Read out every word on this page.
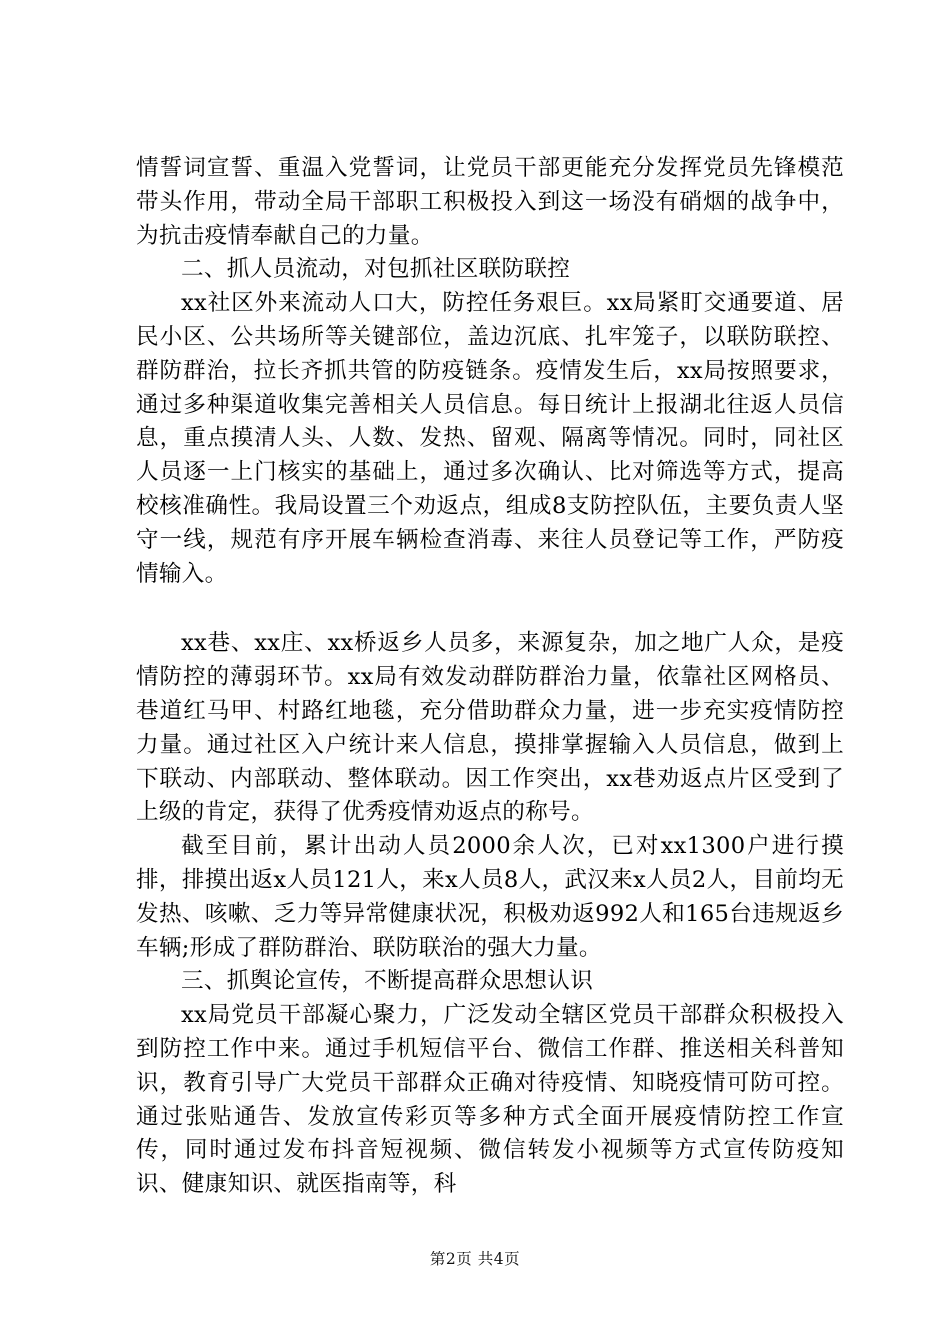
情誓词宣誓、重温入党誓词，让党员干部更能充分发挥党员先锋模范带头作用，带动全局干部职工积极投入到这一场没有硝烟的战争中，为抗击疫情奉献自己的力量。

二、抓人员流动，对包抓社区联防联控

xx社区外来流动人口大，防控任务艰巨。xx局紧盯交通要道、居民小区、公共场所等关键部位，盖边沉底、扎牢笼子，以联防联控、群防群治，拉长齐抓共管的防疫链条。疫情发生后，xx局按照要求，通过多种渠道收集完善相关人员信息。每日统计上报湖北往返人员信息，重点摸清人头、人数、发热、留观、隔离等情况。同时，同社区人员逐一上门核实的基础上，通过多次确认、比对筛选等方式，提高校核准确性。我局设置三个劝返点，组成8支防控队伍，主要负责人坚守一线，规范有序开展车辆检查消毒、来往人员登记等工作，严防疫情输入。

xx巷、xx庄、xx桥返乡人员多，来源复杂，加之地广人众，是疫情防控的薄弱环节。xx局有效发动群防群治力量，依靠社区网格员、巷道红马甲、村路红地毯，充分借助群众力量，进一步充实疫情防控力量。通过社区入户统计来人信息，摸排掌握输入人员信息，做到上下联动、内部联动、整体联动。因工作突出，xx巷劝返点片区受到了上级的肯定，获得了优秀疫情劝返点的称号。

截至目前，累计出动人员2000余人次，已对xx1300户进行摸排，排摸出返x人员121人，来x人员8人，武汉来x人员2人，目前均无发热、咳嗽、乏力等异常健康状况，积极劝返992人和165台违规返乡车辆;形成了群防群治、联防联治的强大力量。

三、抓舆论宣传，不断提高群众思想认识

xx局党员干部凝心聚力，广泛发动全辖区党员干部群众积极投入到防控工作中来。通过手机短信平台、微信工作群、推送相关科普知识，教育引导广大党员干部群众正确对待疫情、知晓疫情可防可控。通过张贴通告、发放宣传彩页等多种方式全面开展疫情防控工作宣传，同时通过发布抖音短视频、微信转发小视频等方式宣传防疫知识、健康知识、就医指南等，科

第2页 共4页
